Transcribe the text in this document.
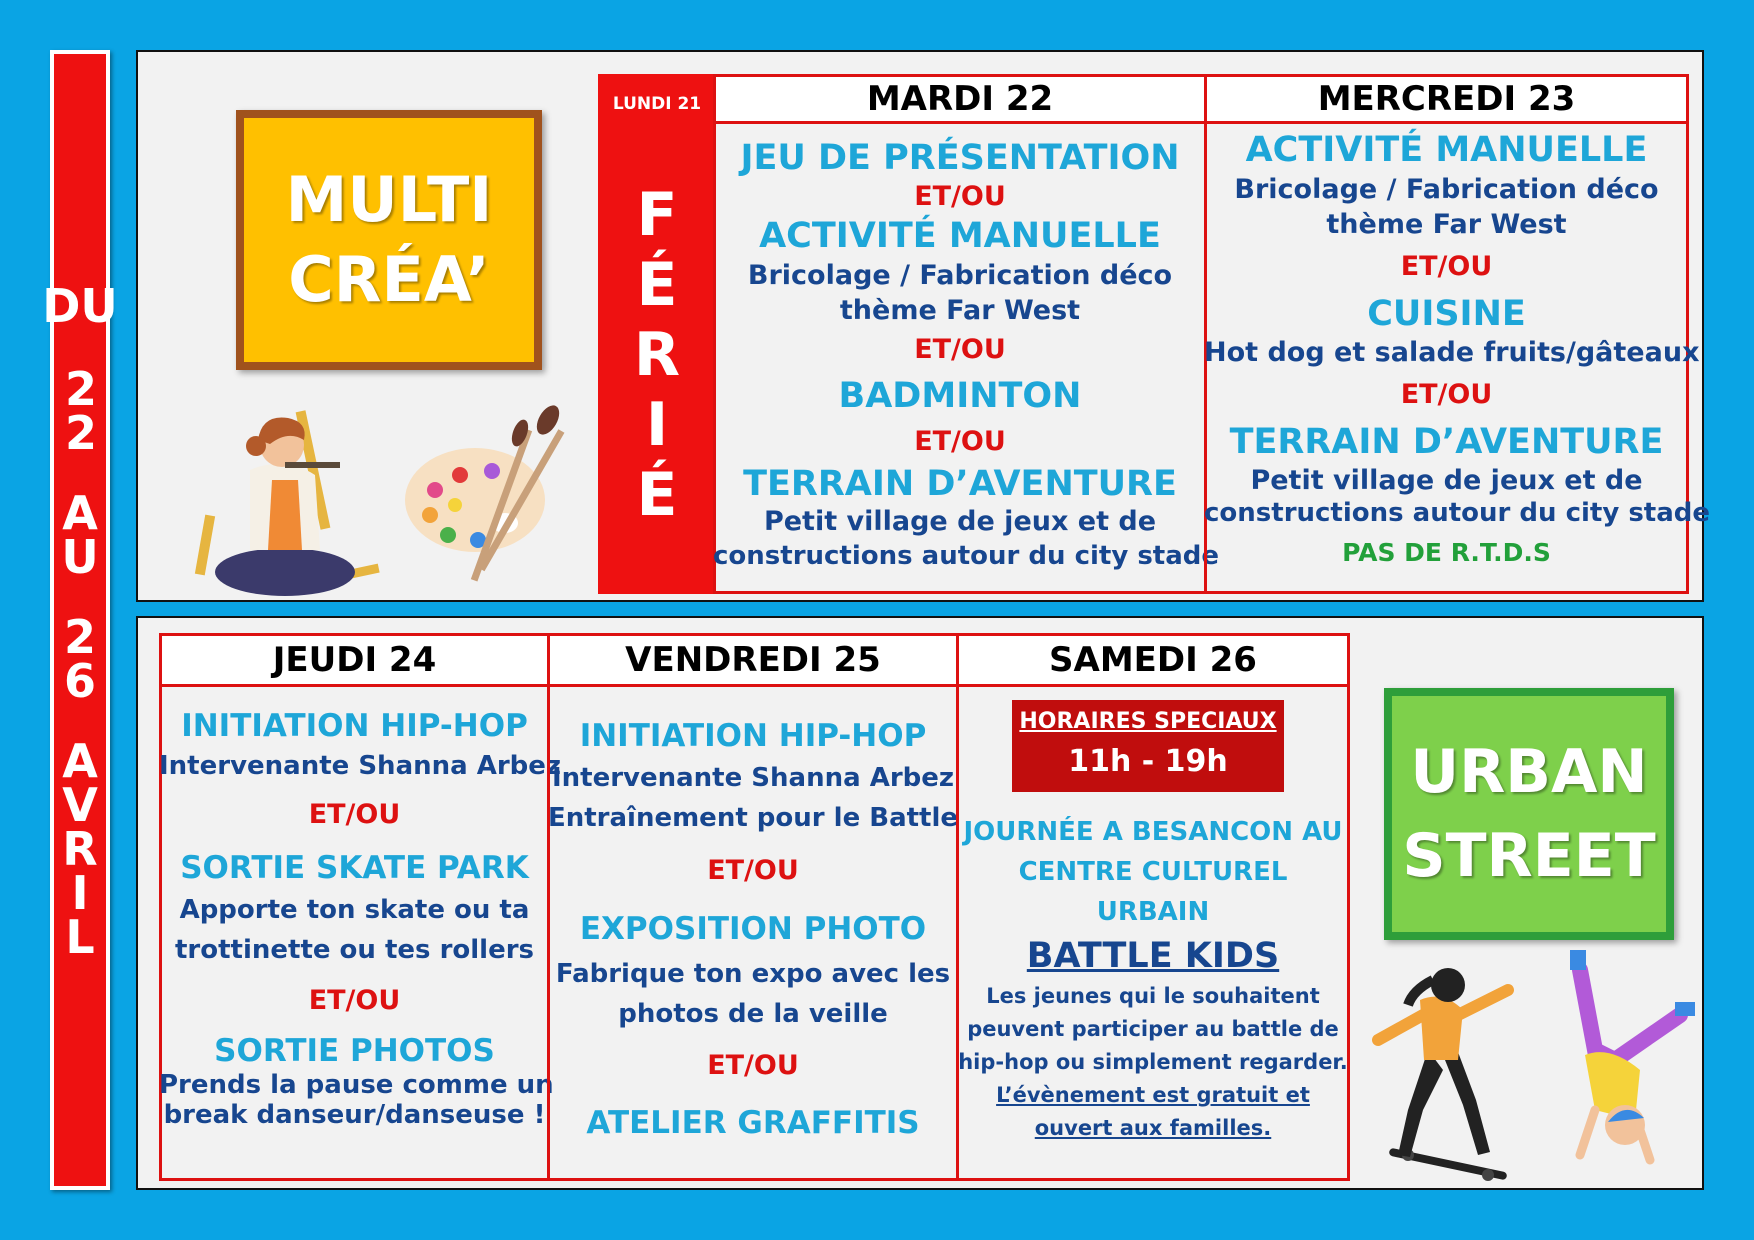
DU
22
AU
26
AVRIL
MULTI
CRÉA’
LUNDI 21
F
É
R
I
É
MARDI 22
JEU DE PRÉSENTATION
ET/OU
ACTIVITÉ MANUELLE
Bricolage / Fabrication déco
thème Far West
ET/OU
BADMINTON
ET/OU
TERRAIN D’AVENTURE
Petit village de jeux et de
constructions autour du city stade
MERCREDI 23
ACTIVITÉ MANUELLE
Bricolage / Fabrication déco
thème Far West
ET/OU
CUISINE
Hot dog et salade fruits/gâteaux
ET/OU
TERRAIN D’AVENTURE
Petit village de jeux et de
constructions autour du city stade
PAS DE R.T.D.S
JEUDI 24
INITIATION HIP-HOP
Intervenante Shanna Arbez
ET/OU
SORTIE SKATE PARK
Apporte ton skate ou ta
trottinette ou tes rollers
ET/OU
SORTIE PHOTOS
Prends la pause comme un
break danseur/danseuse !
VENDREDI 25
INITIATION HIP-HOP
Intervenante Shanna Arbez
Entraînement pour le Battle
ET/OU
EXPOSITION PHOTO
Fabrique ton expo avec les
photos de la veille
ET/OU
ATELIER GRAFFITIS
SAMEDI 26
HORAIRES SPECIAUX
11h - 19h
JOURNÉE A BESANCON AU
CENTRE CULTUREL
URBAIN
BATTLE KIDS
Les jeunes qui le souhaitent
peuvent participer au battle de
hip-hop ou simplement regarder.
L’évènement est gratuit et
ouvert aux familles.
URBAN
STREET
